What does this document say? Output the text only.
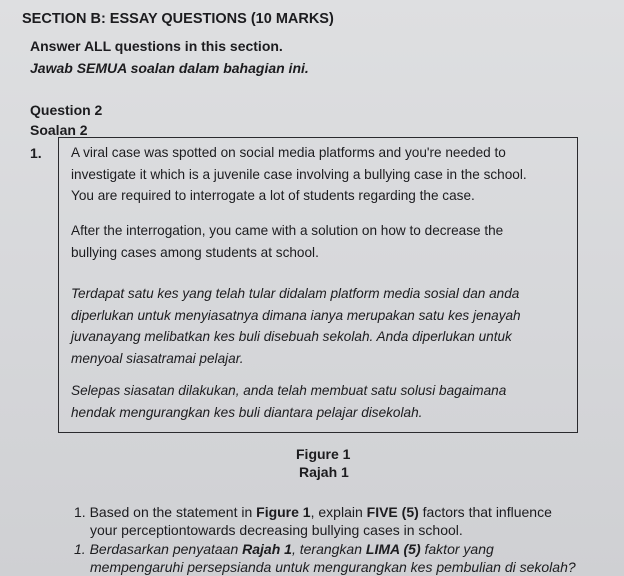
SECTION B: ESSAY QUESTIONS (10 MARKS)
Answer ALL questions in this section.
Jawab SEMUA soalan dalam bahagian ini.
Question 2
Soalan 2
1. A viral case was spotted on social media platforms and you're needed to
investigate it which is a juvenile case involving a bullying case in the school.
You are required to interrogate a lot of students regarding the case.
After the interrogation, you came with a solution on how to decrease the
bullying cases among students at school.
Terdapat satu kes yang telah tular didalam platform media sosial dan anda
diperlukan untuk menyiasatnya dimana ianya merupakan satu kes jenayah
juvanayang melibatkan kes buli disebuah sekolah. Anda diperlukan untuk
menyoal siasatramai pelajar.
Selepas siasatan dilakukan, anda telah membuat satu solusi bagaimana
hendak mengurangkan kes buli diantara pelajar disekolah.
Figure 1
Rajah 1
1. Based on the statement in Figure 1, explain FIVE (5) factors that influence
your perceptiontowards decreasing bullying cases in school.
1. Berdasarkan penyataan Rajah 1, terangkan LIMA (5) faktor yang
mempengaruhi persepsianda untuk mengurangkan kes pembulian di sekolah?
